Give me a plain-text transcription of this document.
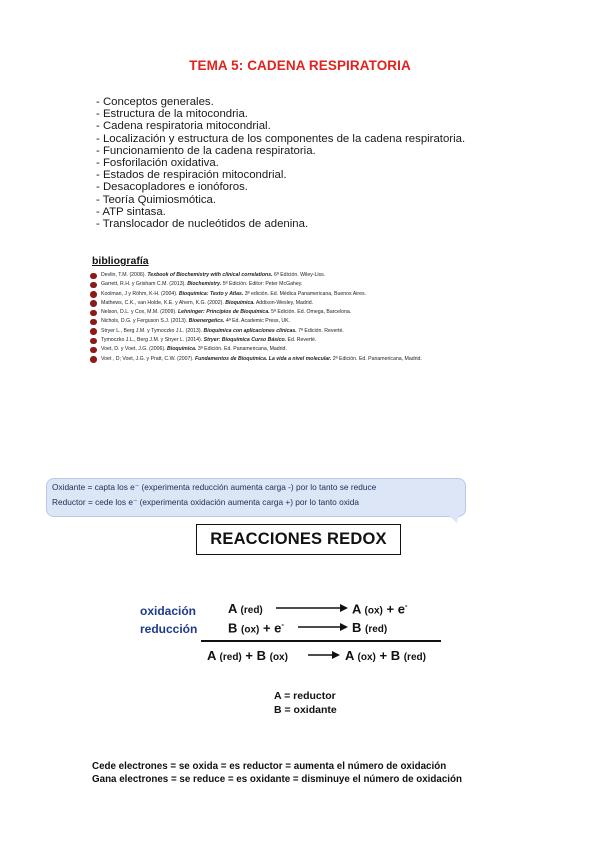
TEMA 5: CADENA RESPIRATORIA
- Conceptos generales.
- Estructura de la mitocondria.
- Cadena respiratoria mitocondrial.
- Localización y estructura de los componentes de la cadena respiratoria.
- Funcionamiento de la cadena respiratoria.
- Fosforilación oxidativa.
- Estados de respiración mitocondrial.
- Desacopladores e ionóforos.
- Teoría Quimiosmótica.
- ATP sintasa.
- Translocador de nucleótidos de adenina.
bibliografía
Devlin, T.M. (2006). Texbook of Biochemistry with clinical correlations. 6ª Edición. Wiley-Liss.
Garrett, R.H. y Grisham C.M. (2013). Biochemistry. 5ª Edición. Editor: Peter McGahey.
Koolman, J y Röhm, K-H. (2004). Bioquímica: Texto y Atlas. 3ª edición. Ed. Médica Panamericana, Buenos Aires.
Mathews, C.K., van Holde, K.E. y Ahern, K.G. (2002). Bioquímica. Addison-Wesley, Madrid.
Nelson, D.L. y Cox, M.M. (2009). Lehninger: Principios de Bioquímica. 5ª Edición. Ed. Omega, Barcelona.
Nichols, D.G. y Ferguson S.J. (2013). Bioenergetics. 4ª Ed. Academic Press, UK.
Stryer L., Berg J.M. y Tymoczko J.L. (2013). Bioquímica con aplicaciones clínicas. 7ª Edición. Reverté.
Tymoczko J.L., Berg J.M. y Stryer L. (2014). Stryer: Bioquímica Curso Básico. Ed. Reverté.
Voet, D. y Voet, J.G. (2006). Bioquímica. 3ª Edición. Ed. Panamericana, Madrid.
Voet , D; Voet, J.G. y Pratt, C.W. (2007). Fundamentos de Bioquímica. La vida a nivel molecular. 2ª Edición. Ed. Panamericana, Madrid.
Oxidante = capta los e⁻ (experimenta reducción aumenta carga -) por lo tanto se reduce
Reductor = cede los e⁻ (experimenta oxidación aumenta carga +) por lo tanto oxida
REACCIONES REDOX
oxidación
reducción
A (red)	A (ox) + e-
B (ox) + e-	B (red)
A (red) + B (ox)	A (ox) + B (red)
A = reductor
B = oxidante
Cede electrones = se oxida = es reductor = aumenta el número de oxidación
Gana electrones = se reduce = es oxidante = disminuye el número de oxidación
